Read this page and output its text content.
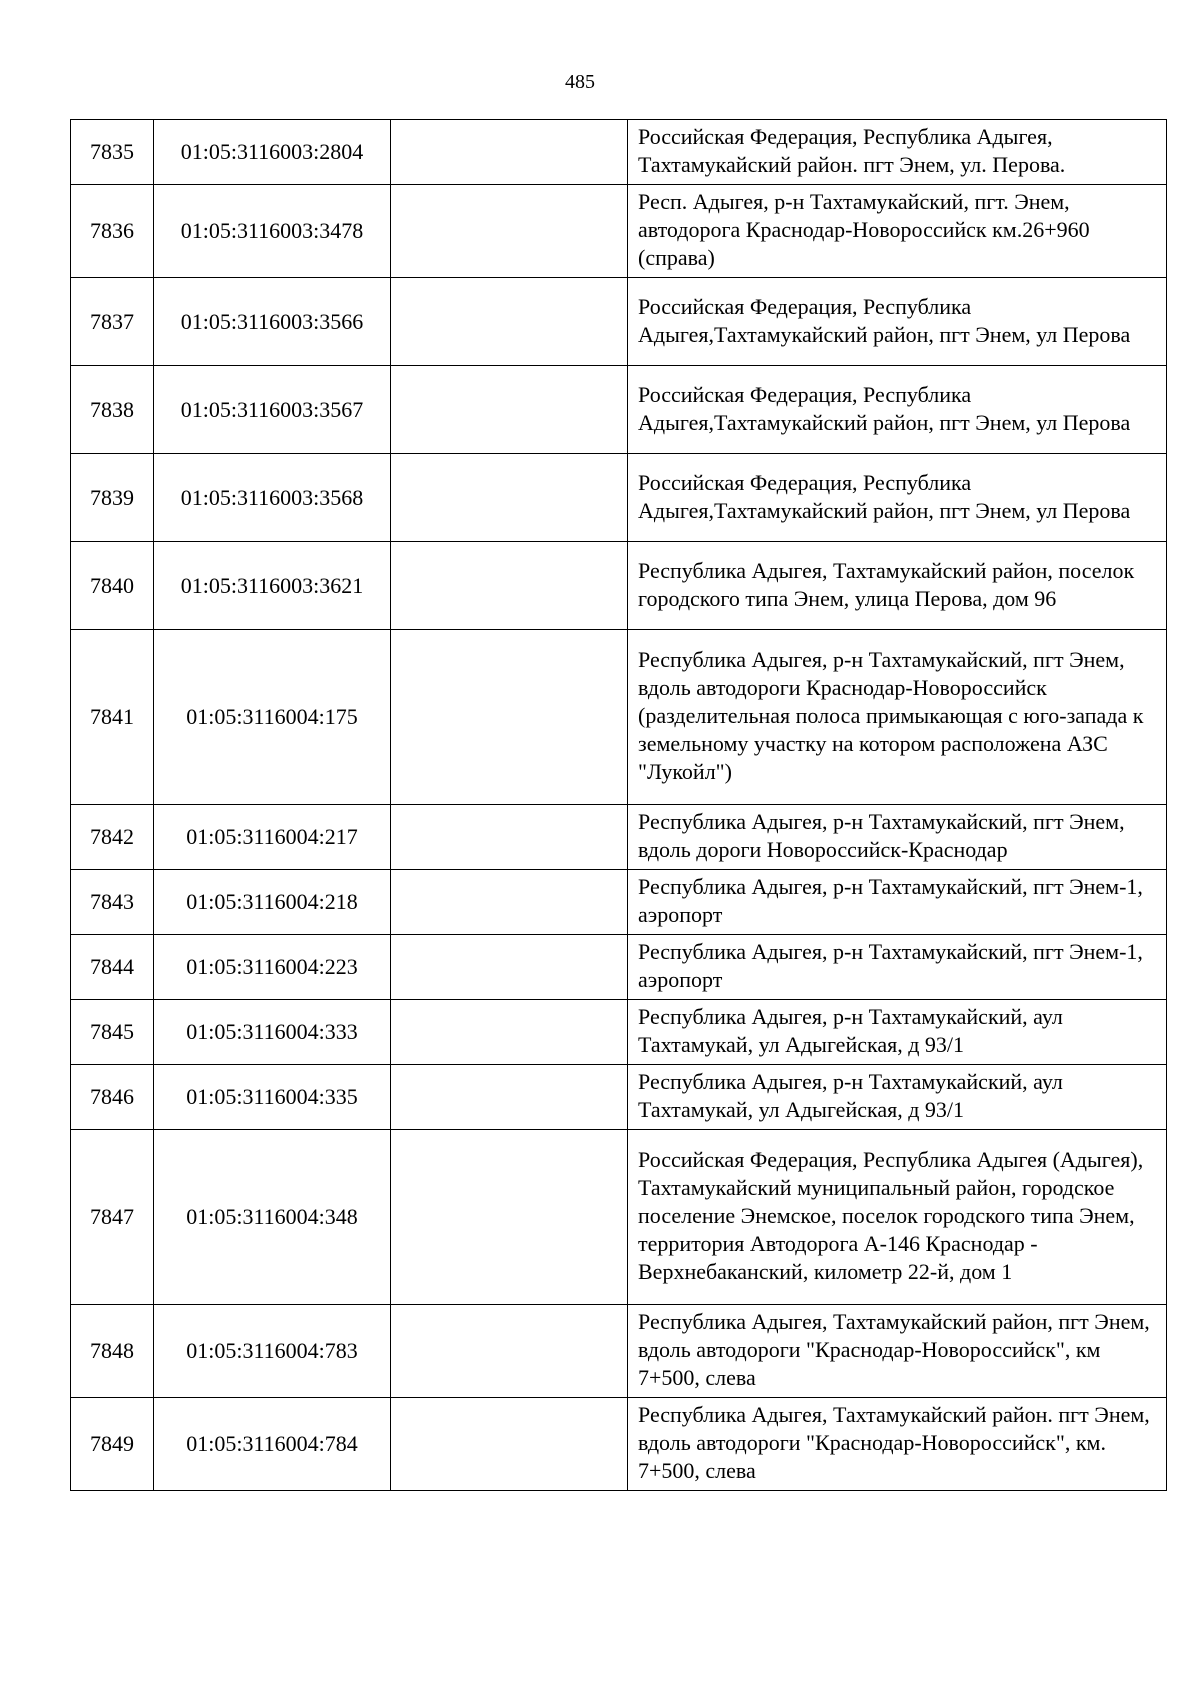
485
7835	01:05:3116003:2804		Российская Федерация, Республика Адыгея, Тахтамукайский район. пгт Энем, ул. Перова.
7836	01:05:3116003:3478		Респ. Адыгея, р-н Тахтамукайский, пгт. Энем, автодорога Краснодар-Новороссийск км.26+960 (справа)
7837	01:05:3116003:3566		Российская Федерация, Республика Адыгея,Тахтамукайский район, пгт Энем, ул Перова
7838	01:05:3116003:3567		Российская Федерация, Республика Адыгея,Тахтамукайский район, пгт Энем, ул Перова
7839	01:05:3116003:3568		Российская Федерация, Республика Адыгея,Тахтамукайский район, пгт Энем, ул Перова
7840	01:05:3116003:3621		Республика Адыгея, Тахтамукайский район, поселок городского типа Энем, улица Перова, дом 96
7841	01:05:3116004:175		Республика Адыгея, р-н Тахтамукайский, пгт Энем, вдоль автодороги Краснодар-Новороссийск (разделительная полоса примыкающая с юго-запада к земельному участку на котором расположена АЗС "Лукойл")
7842	01:05:3116004:217		Республика Адыгея, р-н Тахтамукайский, пгт Энем, вдоль дороги Новороссийск-Краснодар
7843	01:05:3116004:218		Республика Адыгея, р-н Тахтамукайский, пгт Энем-1, аэропорт
7844	01:05:3116004:223		Республика Адыгея, р-н Тахтамукайский, пгт Энем-1, аэропорт
7845	01:05:3116004:333		Республика Адыгея, р-н Тахтамукайский, аул Тахтамукай, ул Адыгейская, д 93/1
7846	01:05:3116004:335		Республика Адыгея, р-н Тахтамукайский, аул Тахтамукай, ул Адыгейская, д 93/1
7847	01:05:3116004:348		Российская Федерация, Республика Адыгея (Адыгея), Тахтамукайский муниципальный район, городское поселение Энемское, поселок городского типа Энем, территория Автодорога А-146 Краснодар - Верхнебаканский, километр 22-й, дом 1
7848	01:05:3116004:783		Республика Адыгея, Тахтамукайский район, пгт Энем, вдоль автодороги "Краснодар-Новороссийск", км 7+500, слева
7849	01:05:3116004:784		Республика Адыгея, Тахтамукайский район. пгт Энем, вдоль автодороги "Краснодар-Новороссийск", км. 7+500, слева
